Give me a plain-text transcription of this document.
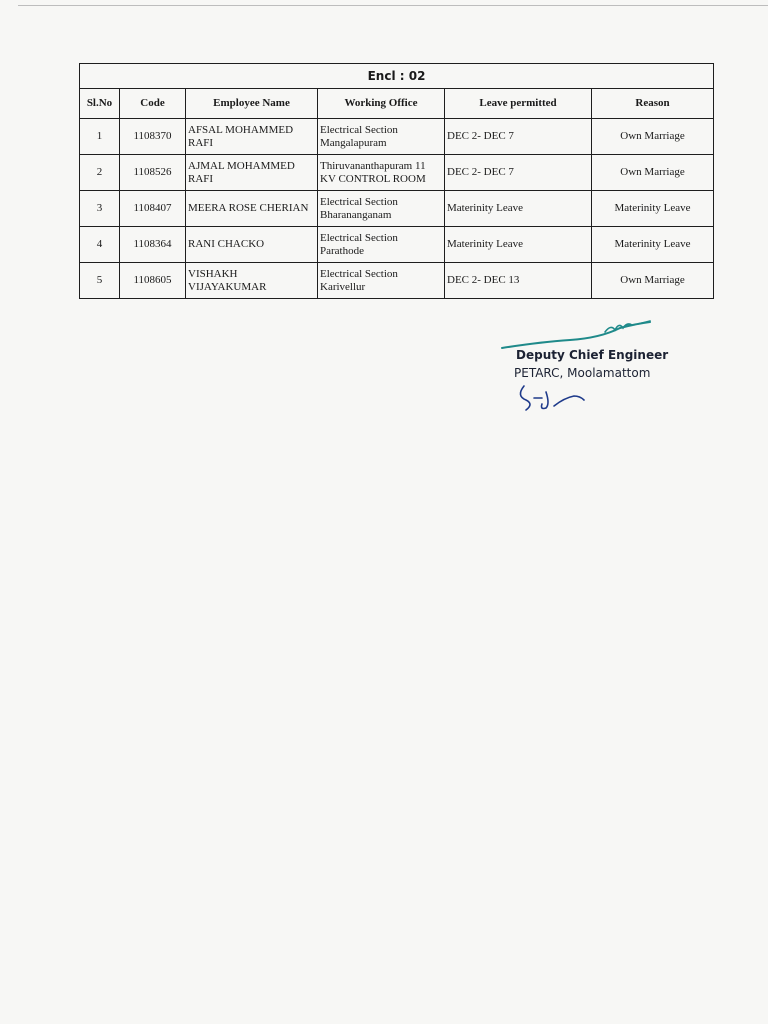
Encl : 02					
Sl.No	Code	Employee Name	Working Office	Leave permitted	Reason
1	1108370	AFSAL MOHAMMED RAFI	Electrical Section Mangalapuram	DEC 2- DEC 7	Own Marriage
2	1108526	AJMAL MOHAMMED RAFI	Thiruvananthapuram 11 KV CONTROL ROOM	DEC 2- DEC 7	Own Marriage
3	1108407	MEERA ROSE CHERIAN	Electrical Section Bharananganam	Materinity Leave	Materinity Leave
4	1108364	RANI CHACKO	Electrical Section Parathode	Materinity Leave	Materinity Leave
5	1108605	VISHAKH VIJAYAKUMAR	Electrical Section Karivellur	DEC 2- DEC 13	Own Marriage
Deputy Chief Engineer
PETARC, Moolamattom
